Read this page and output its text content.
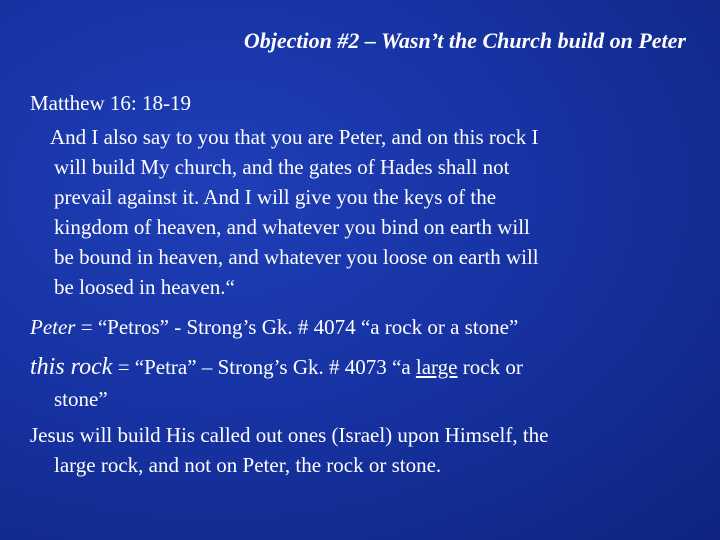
Objection #2 – Wasn’t the Church build on Peter
Matthew 16: 18-19
And I also say to you that you are Peter, and on this rock I
will build My church, and the gates of Hades shall not
prevail against it. And I will give you the keys of the
kingdom of heaven, and whatever you bind on earth will
be bound in heaven, and whatever you loose on earth will
be loosed in heaven.“
Peter = “Petros” - Strong’s Gk. # 4074 “a rock or a stone”
this rock = “Petra” – Strong’s Gk. # 4073 “a large rock or
stone”
Jesus will build His called out ones (Israel) upon Himself, the
large rock, and not on Peter, the rock or stone.
